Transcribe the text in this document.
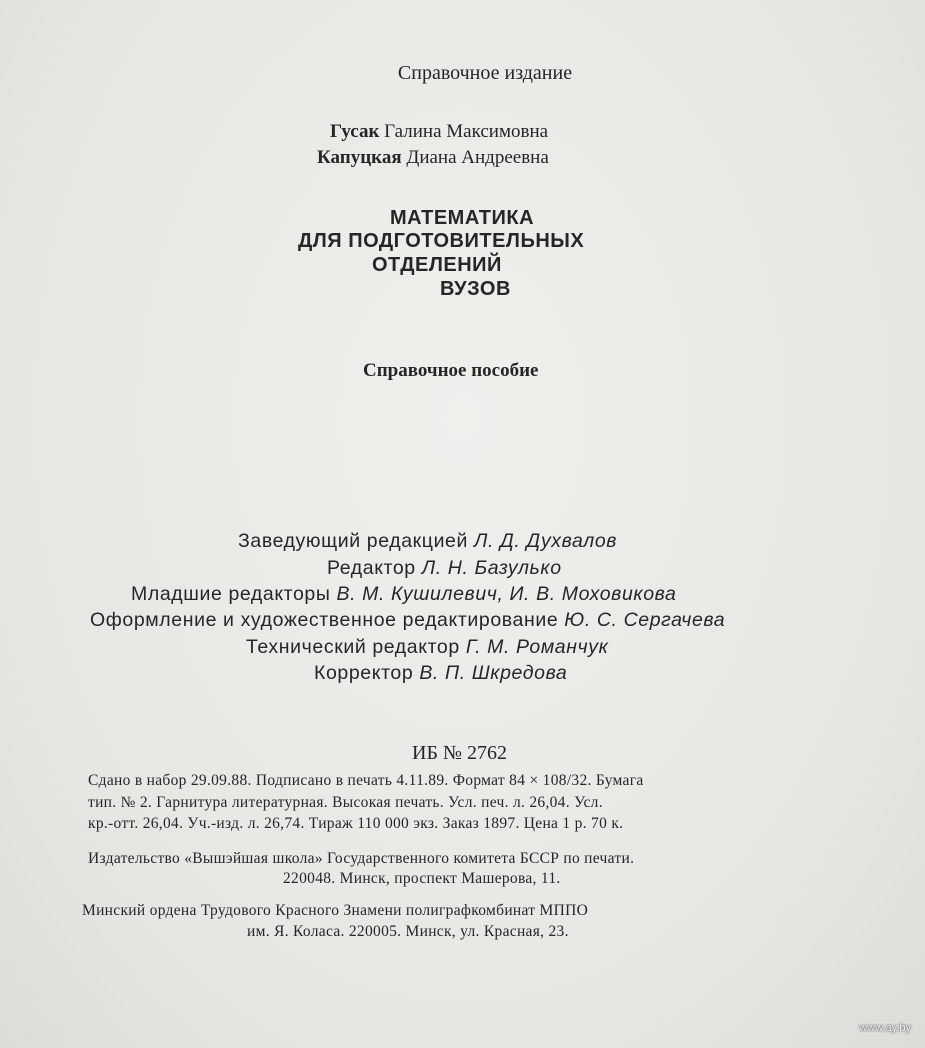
Справочное издание
Гусак Галина Максимовна
Капуцкая Диана Андреевна
МАТЕМАТИКА
ДЛЯ ПОДГОТОВИТЕЛЬНЫХ
ОТДЕЛЕНИЙ
ВУЗОВ
Справочное пособие
Заведующий редакцией Л. Д. Духвалов
Редактор Л. Н. Базулько
Младшие редакторы В. М. Кушилевич, И. В. Моховикова
Оформление и художественное редактирование Ю. С. Сергачева
Технический редактор Г. М. Романчук
Корректор В. П. Шкредова
ИБ № 2762
Сдано в набор 29.09.88. Подписано в печать 4.11.89. Формат 84 × 108/32. Бумага
тип. № 2. Гарнитура литературная. Высокая печать. Усл. печ. л. 26,04. Усл.
кр.-отт. 26,04. Уч.-изд. л. 26,74. Тираж 110 000 экз. Заказ 1897. Цена 1 р. 70 к.
Издательство «Вышэйшая школа» Государственного комитета БССР по печати.
220048. Минск, проспект Машерова, 11.
Минский ордена Трудового Красного Знамени полиграфкомбинат МППО
им. Я. Коласа. 220005. Минск, ул. Красная, 23.
www.ay.by
